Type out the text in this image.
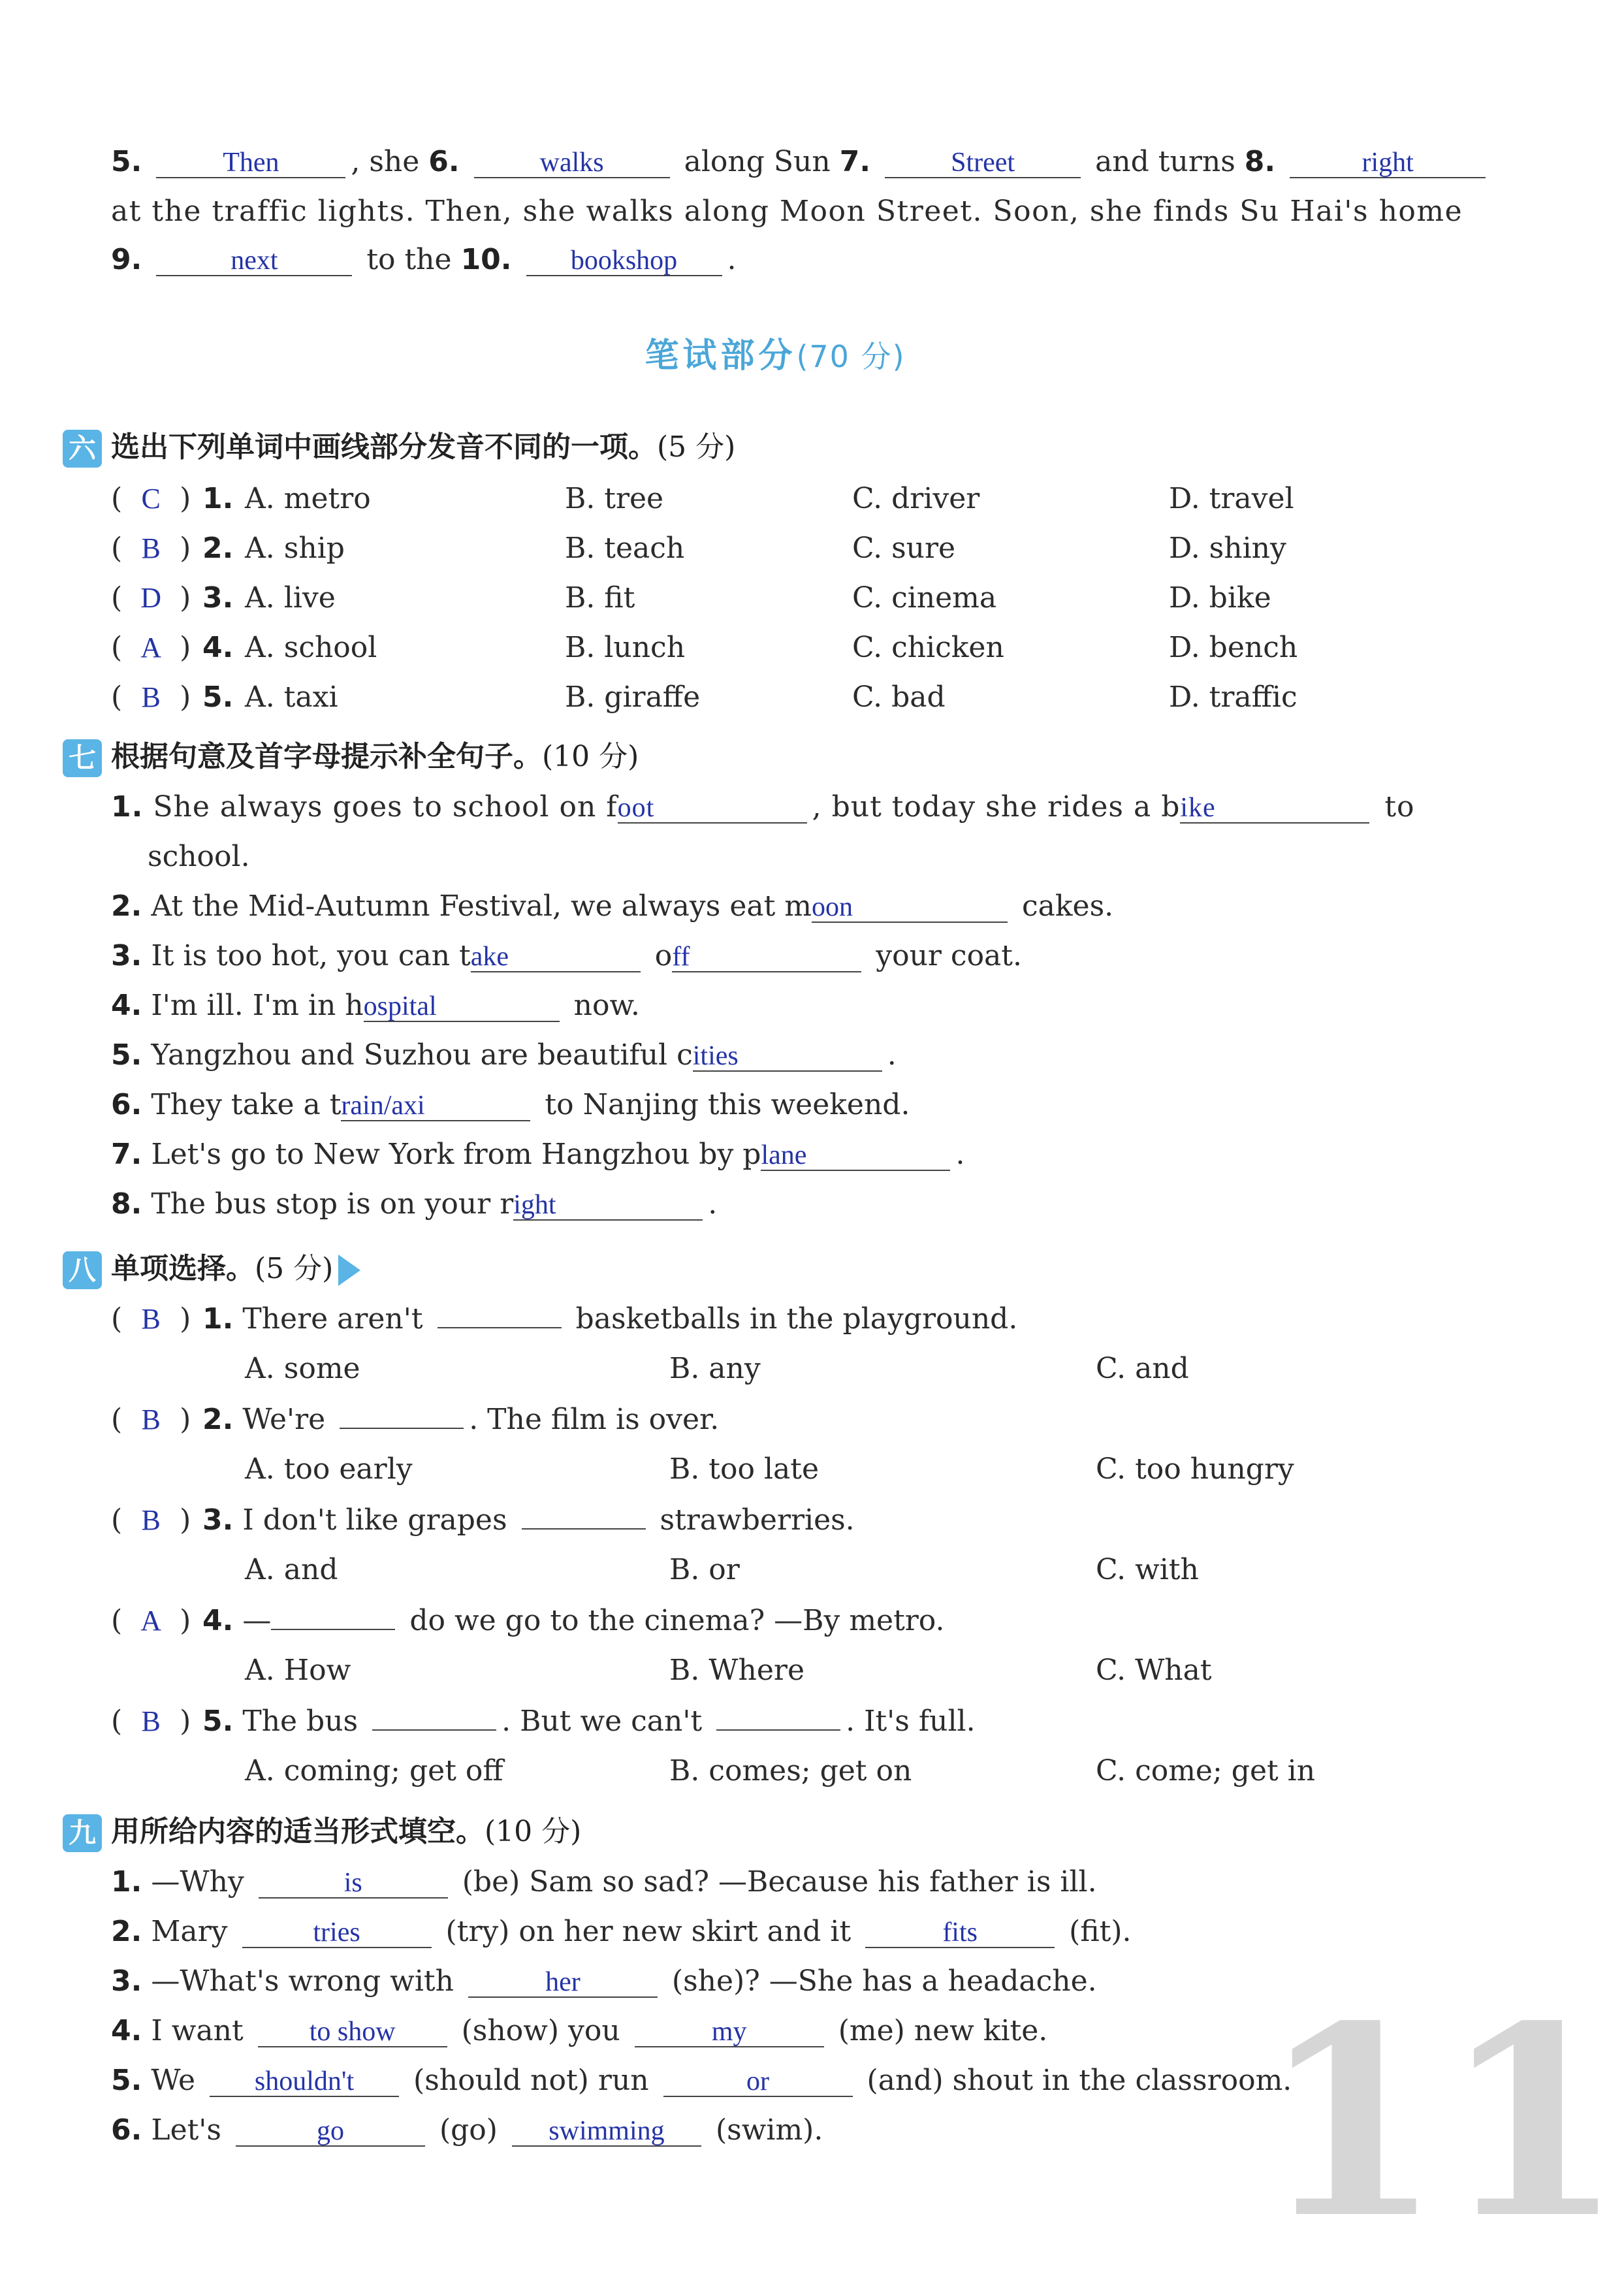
5.	Then , she 6.	walks	along Sun 7.	Street	and turns 8.	right
at the traffic lights. Then, she walks along Moon Street. Soon, she finds Su Hai's home
9.	next	to the 10. bookshop .
笔试部分(70 分)
六 选出下列单词中画线部分发音不同的一项。(5 分)
( C ) 1. A. metro	B. tree	C. driver	D. travel
( B ) 2. A. ship	B. teach	C. sure	D. shiny
( D ) 3. A. live	B. fit	C. cinema	D. bike
( A ) 4. A. school	B. lunch	C. chicken	D. bench
( B ) 5. A. taxi	B. giraffe	C. bad	D. traffic
七 根据句意及首字母提示补全句子。(10 分)
1. She always goes to school on foot	, but today she rides a bike	to
school.
2. At the Mid-Autumn Festival, we always eat moon	cakes.
3. It is too hot, you can take	off	your coat.
4. I'm ill. I'm in hospital	now.
5. Yangzhou and Suzhou are beautiful cities	.
6. They take a train/axi	to Nanjing this weekend.
7. Let's go to New York from Hangzhou by plane	.
8. The bus stop is on your right	.
八 单项选择。(5 分)
( B ) 1. There aren't	basketballs in the playground.
A. some	B. any	C. and
( B ) 2. We're	. The film is over.
A. too early	B. too late	C. too hungry
( B ) 3. I don't like grapes	strawberries.
A. and	B. or	C. with
( A ) 4. —	do we go to the cinema? —By metro.
A. How	B. Where	C. What
( B ) 5. The bus	. But we can't	. It's full.
A. coming; get off	B. comes; get on	C. come; get in
九 用所给内容的适当形式填空。(10 分)
1. —Why	is	(be) Sam so sad? —Because his father is ill.
2. Mary	tries	(try) on her new skirt and it	fits	(fit).
3. —What's wrong with	her	(she)? —She has a headache.
4. I want to show (show) you	my	(me) new kite.
5. We shouldn't (should not) run	or	(and) shout in the classroom.
6. Let's	go	(go) swimming (swim). 11
